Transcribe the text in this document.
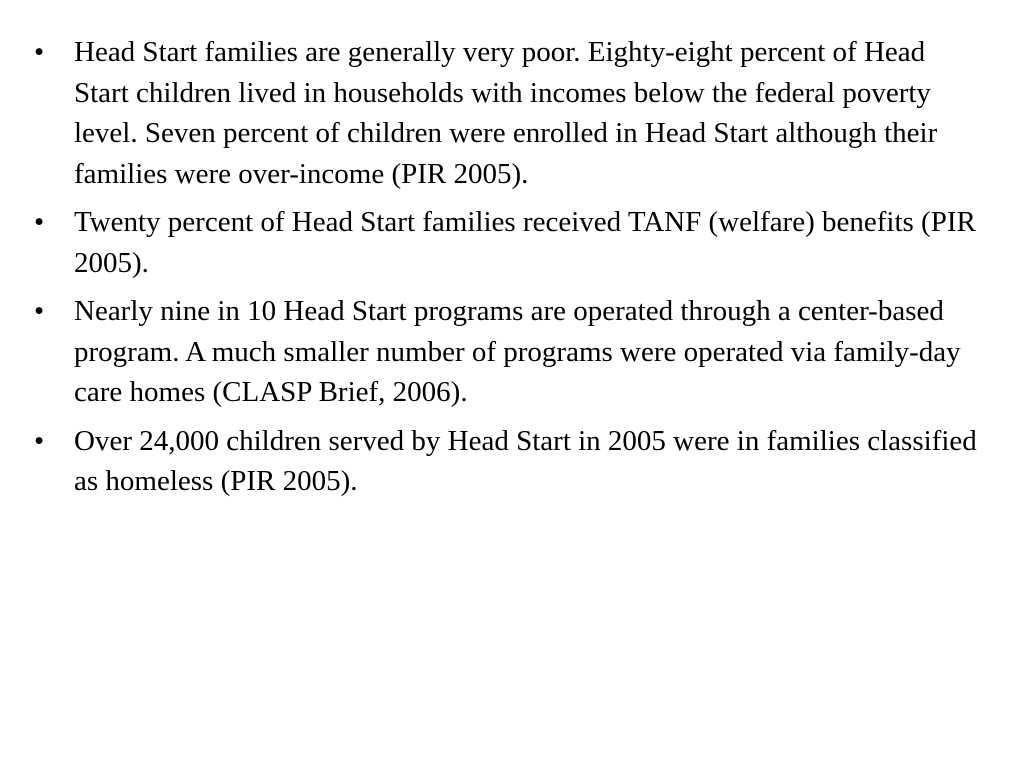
•	Head Start families are generally very poor. Eighty-eight percent of Head Start children lived in households with incomes below the federal poverty level. Seven percent of children were enrolled in Head Start although their families were over-income (PIR 2005).
•	Twenty percent of Head Start families received TANF (welfare) benefits (PIR 2005).
•	Nearly nine in 10 Head Start programs are operated through a center-based program. A much smaller number of programs were operated via family-day care homes (CLASP Brief, 2006).
•	Over 24,000 children served by Head Start in 2005 were in families classified as homeless (PIR 2005).
